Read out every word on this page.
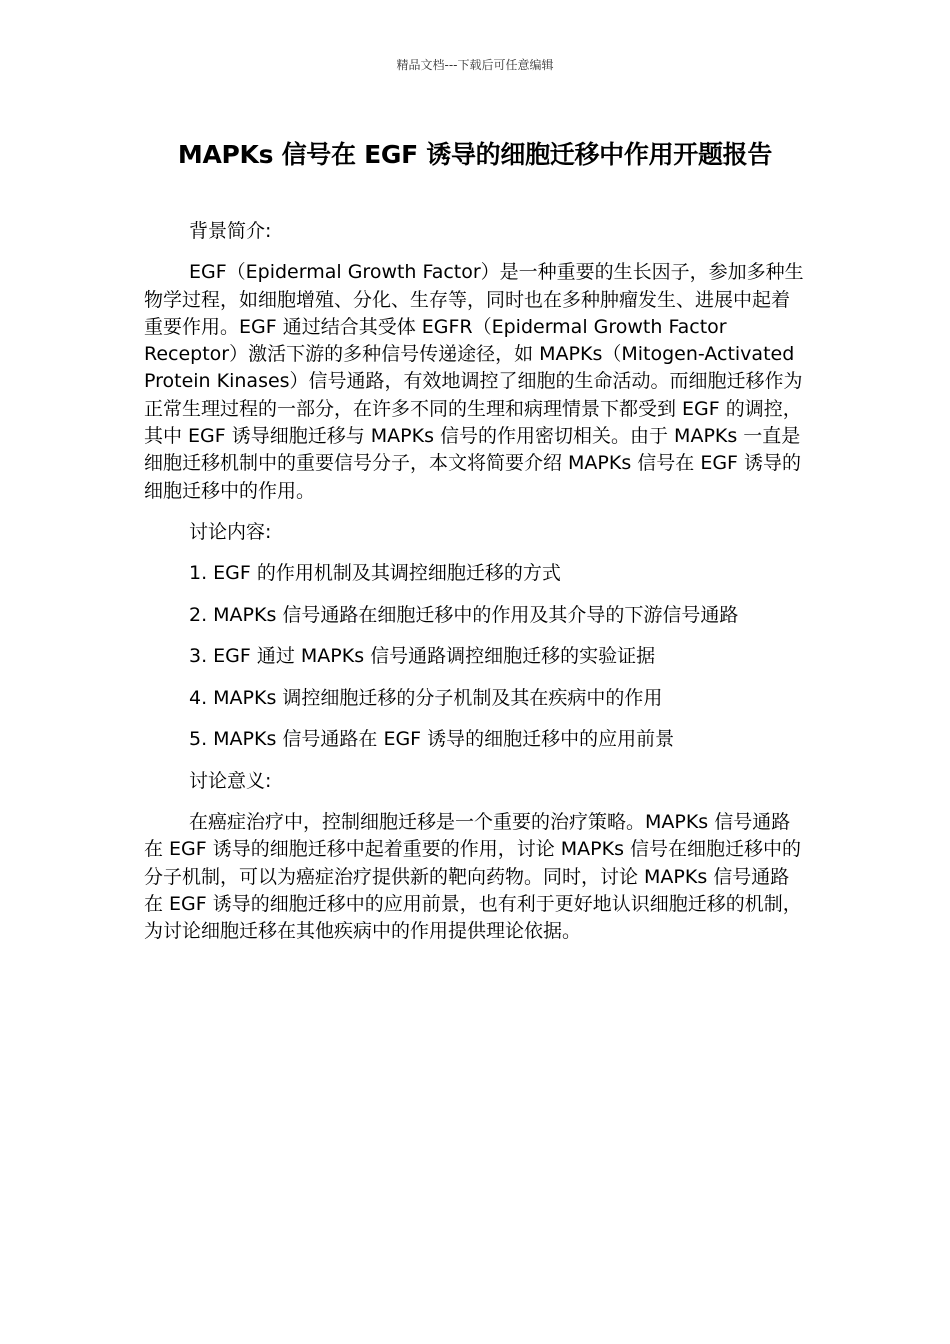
精品文档---下载后可任意编辑
MAPKs 信号在 EGF 诱导的细胞迁移中作用开题报告

背景简介:

EGF（Epidermal Growth Factor）是一种重要的生长因子，参加多种生物学过程，如细胞增殖、分化、生存等，同时也在多种肿瘤发生、进展中起着重要作用。EGF 通过结合其受体 EGFR（Epidermal Growth Factor Receptor）激活下游的多种信号传递途径，如 MAPKs（Mitogen-Activated Protein Kinases）信号通路，有效地调控了细胞的生命活动。而细胞迁移作为正常生理过程的一部分，在许多不同的生理和病理情景下都受到 EGF 的调控，其中 EGF 诱导细胞迁移与 MAPKs 信号的作用密切相关。由于 MAPKs 一直是细胞迁移机制中的重要信号分子，本文将简要介绍 MAPKs 信号在 EGF 诱导的细胞迁移中的作用。

讨论内容:

1. EGF 的作用机制及其调控细胞迁移的方式

2. MAPKs 信号通路在细胞迁移中的作用及其介导的下游信号通路

3. EGF 通过 MAPKs 信号通路调控细胞迁移的实验证据

4. MAPKs 调控细胞迁移的分子机制及其在疾病中的作用

5. MAPKs 信号通路在 EGF 诱导的细胞迁移中的应用前景

讨论意义:

在癌症治疗中，控制细胞迁移是一个重要的治疗策略。MAPKs 信号通路在 EGF 诱导的细胞迁移中起着重要的作用，讨论 MAPKs 信号在细胞迁移中的分子机制，可以为癌症治疗提供新的靶向药物。同时，讨论 MAPKs 信号通路在 EGF 诱导的细胞迁移中的应用前景，也有利于更好地认识细胞迁移的机制，为讨论细胞迁移在其他疾病中的作用提供理论依据。
